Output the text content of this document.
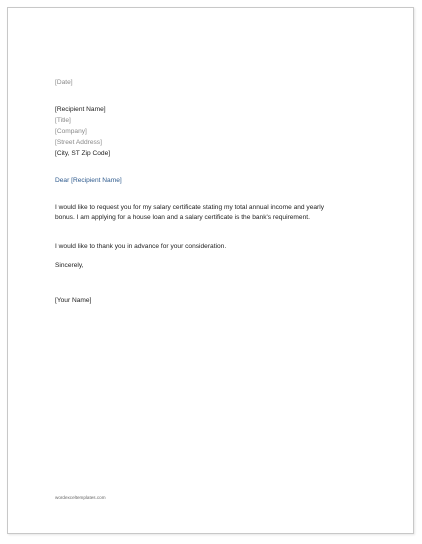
[Date]

[Recipient Name]

[Title]

[Company]

[Street Address]

[City, ST Zip Code]

Dear [Recipient Name]

I would like to request you for my salary certificate stating my total annual income and yearly bonus. I am applying for a house loan and a salary certificate is the bank's requirement.

I would like to thank you in advance for your consideration.

Sincerely,

[Your Name]

wordexceltemplates.com
